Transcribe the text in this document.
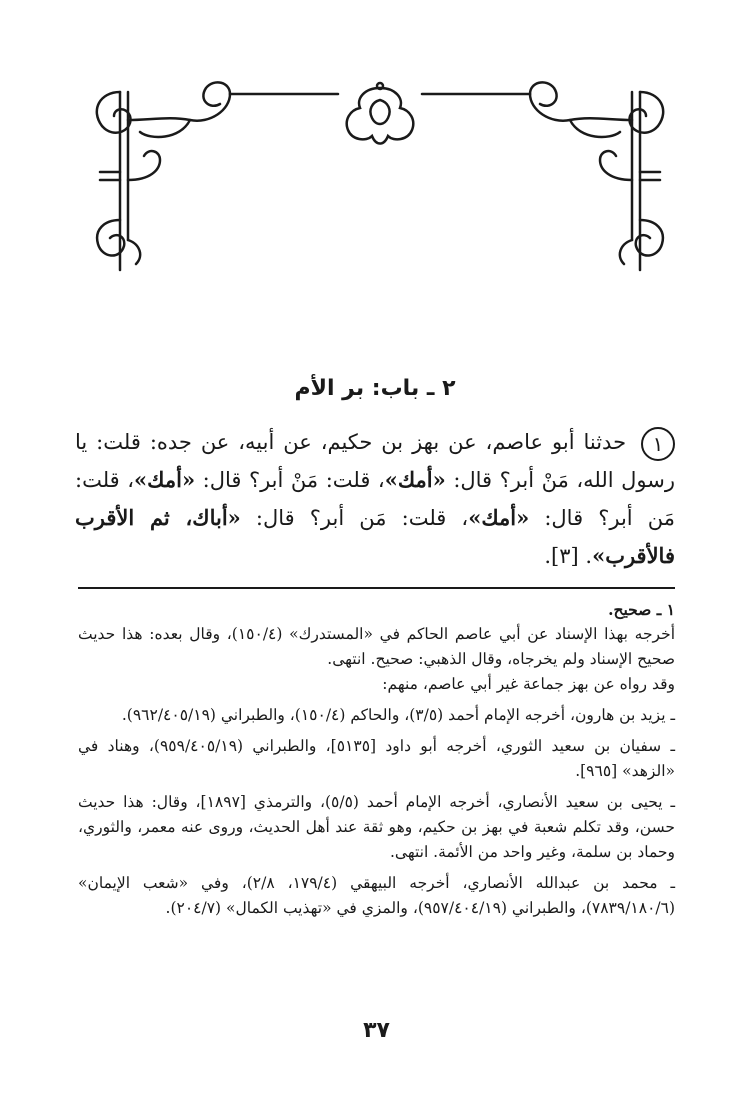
٢ ـ باب: بر الأم
١ حدثنا أبو عاصم، عن بهز بن حكيم، عن أبيه، عن جده: قلت: يا رسول الله، مَنْ أبر؟ قال: «أمك»، قلت: مَنْ أبر؟ قال: «أمك»، قلت: مَن أبر؟ قال: «أمك»، قلت: مَن أبر؟ قال: «أباك، ثم الأقرب فالأقرب». [٣].

١ ـ صحيح.

أخرجه بهذا الإسناد عن أبي عاصم الحاكم في «المستدرك» (١٥٠/٤)، وقال بعده: هذا حديث صحيح الإسناد ولم يخرجاه، وقال الذهبي: صحيح. انتهى.

وقد رواه عن بهز جماعة غير أبي عاصم، منهم:

ـ يزيد بن هارون، أخرجه الإمام أحمد (٣/٥)، والحاكم (١٥٠/٤)، والطبراني (٩٦٢/٤٠٥/١٩).

ـ سفيان بن سعيد الثوري، أخرجه أبو داود [٥١٣٥]، والطبراني (٩٥٩/٤٠٥/١٩)، وهناد في «الزهد» [٩٦٥].

ـ يحيى بن سعيد الأنصاري، أخرجه الإمام أحمد (٥/٥)، والترمذي [١٨٩٧]، وقال: هذا حديث حسن، وقد تكلم شعبة في بهز بن حكيم، وهو ثقة عند أهل الحديث، وروى عنه معمر، والثوري، وحماد بن سلمة، وغير واحد من الأئمة. انتهى.

ـ محمد بن عبدالله الأنصاري، أخرجه البيهقي (١٧٩/٤، ٢/٨)، وفي «شعب الإيمان» (٧٨٣٩/١٨٠/٦)، والطبراني (٩٥٧/٤٠٤/١٩)، والمزي في «تهذيب الكمال» (٢٠٤/٧).

٣٧
